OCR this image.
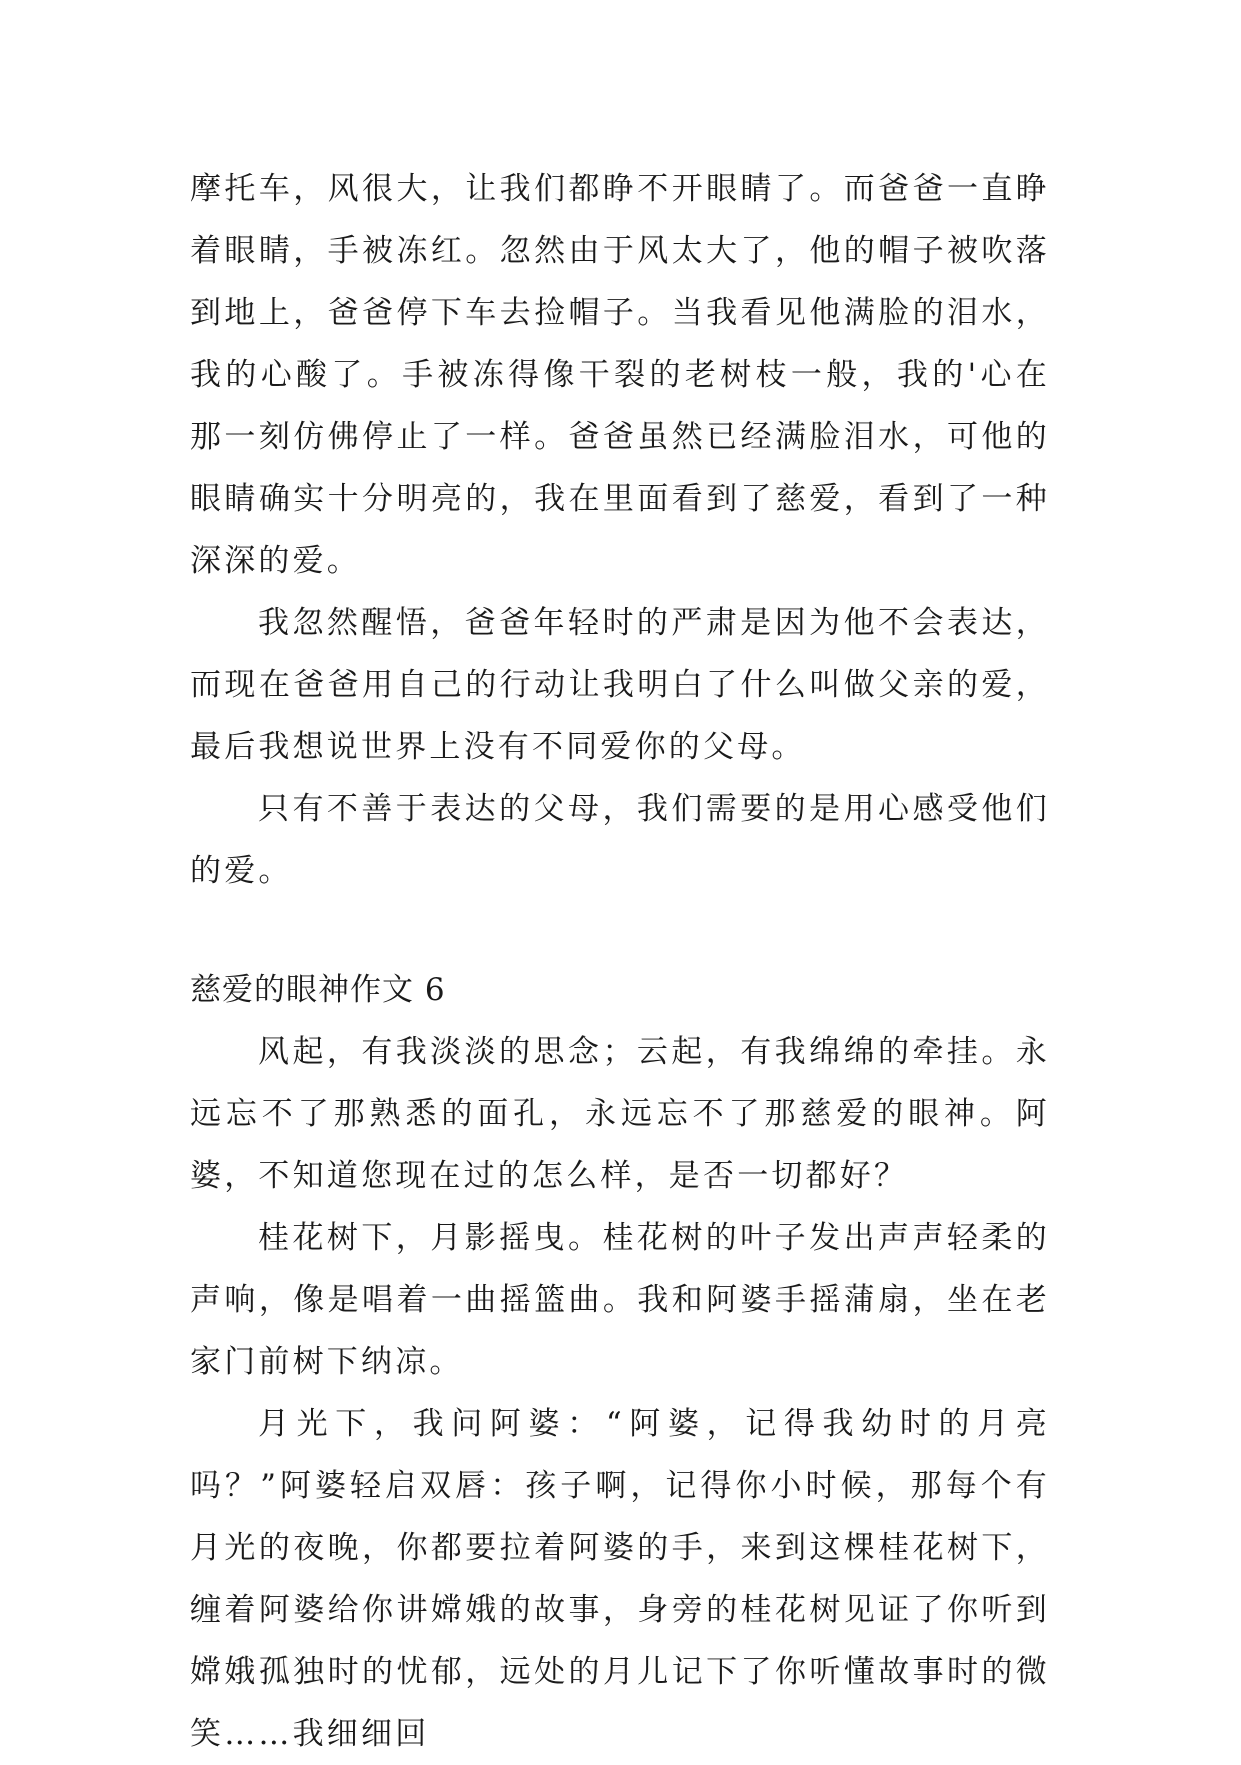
摩托车，风很大，让我们都睁不开眼睛了。而爸爸一直睁着眼睛，手被冻红。忽然由于风太大了，他的帽子被吹落到地上，爸爸停下车去捡帽子。当我看见他满脸的泪水，我的心酸了。手被冻得像干裂的老树枝一般，我的'心在那一刻仿佛停止了一样。爸爸虽然已经满脸泪水，可他的眼睛确实十分明亮的，我在里面看到了慈爱，看到了一种深深的爱。

我忽然醒悟，爸爸年轻时的严肃是因为他不会表达，而现在爸爸用自己的行动让我明白了什么叫做父亲的爱，最后我想说世界上没有不同爱你的父母。

只有不善于表达的父母，我们需要的是用心感受他们的爱。

慈爱的眼神作文 6

风起，有我淡淡的思念；云起，有我绵绵的牵挂。永远忘不了那熟悉的面孔，永远忘不了那慈爱的眼神。阿婆，不知道您现在过的怎么样，是否一切都好？

桂花树下，月影摇曳。桂花树的叶子发出声声轻柔的声响，像是唱着一曲摇篮曲。我和阿婆手摇蒲扇，坐在老家门前树下纳凉。

月光下，我问阿婆：“阿婆，记得我幼时的月亮吗？”阿婆轻启双唇：孩子啊，记得你小时候，那每个有月光的夜晚，你都要拉着阿婆的手，来到这棵桂花树下，缠着阿婆给你讲嫦娥的故事，身旁的桂花树见证了你听到嫦娥孤独时的忧郁，远处的月儿记下了你听懂故事时的微笑……我细细回
